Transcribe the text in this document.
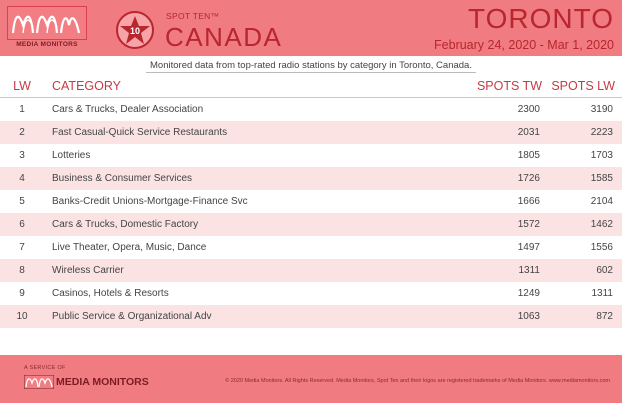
MEDIA MONITORS
10
SPOT TEN™
CANADA
TORONTO
February 24, 2020 - Mar 1, 2020
Monitored data from top-rated radio stations by category in Toronto, Canada.
LW	CATEGORY	SPOTS TW SPOTS LW
1	Cars & Trucks, Dealer Association	2300	3190
2	Fast Casual-Quick Service Restaurants	2031	2223
3	Lotteries	1805	1703
4	Business & Consumer Services	1726	1585
5	Banks-Credit Unions-Mortgage-Finance Svc	1666	2104
6	Cars & Trucks, Domestic Factory	1572	1462
7	Live Theater, Opera, Music, Dance	1497	1556
8	Wireless Carrier	1311	602
9	Casinos, Hotels & Resorts	1249	1311
10	Public Service & Organizational Adv	1063	872
A SERVICE OF
MEDIA MONITORS	© 2020 Media Monitors. All Rights Reserved. Media Monitors, Spot Ten and their logos are registered trademarks of Media Monitors. www.mediamonitors.com
